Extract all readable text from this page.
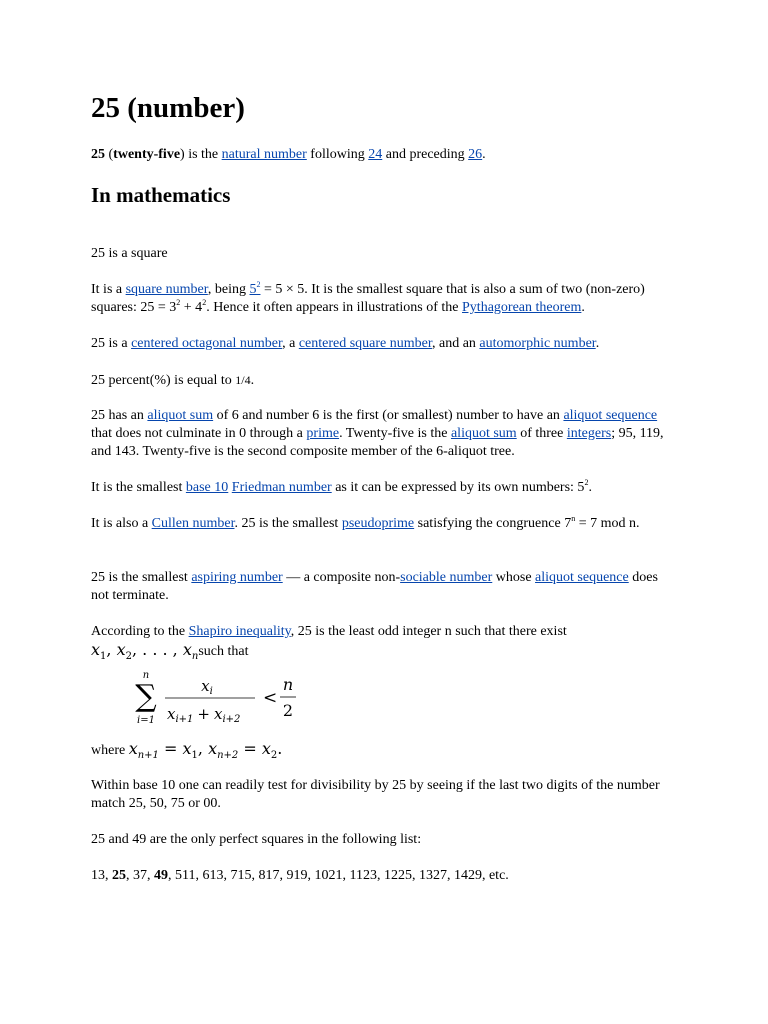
25 (number)

25 (twenty-five) is the natural number following 24 and preceding 26.

In mathematics

25 is a square

It is a square number, being 5$^2$ = 5 × 5. It is the smallest square that is also a sum of two (non-zero) squares: $25 = 3^2 + 4^2$. Hence it often appears in illustrations of the Pythagorean theorem.

25 is a centered octagonal number, a centered square number, and an automorphic number.

25 percent(%) is equal to 1/4.

25 has an aliquot sum of 6 and number 6 is the first (or smallest) number to have an aliquot sequence that does not culminate in 0 through a prime. Twenty-five is the aliquot sum of three integers; 95, 119, and 143. Twenty-five is the second composite member of the 6-aliquot tree.

It is the smallest base 10 Friedman number as it can be expressed by its own numbers: $5^2$.

It is also a Cullen number. 25 is the smallest pseudoprime satisfying the congruence $7^n = 7$ mod n.

25 is the smallest aspiring number — a composite non-sociable number whose aliquot sequence does not terminate.

According to the Shapiro inequality, 25 is the least odd integer n such that there exist
$x_1$, $x_2$, . . . , $x_nsuch$ that

n
∑
i=1
$x_i$
$x_{i+1} + x_{i+2}$
<
n
2

where $x_{n+1} = x_1$, $x_{n+2} = x_2$.

Within base 10 one can readily test for divisibility by 25 by seeing if the last two digits of the number match 25, 50, 75 or 00.

25 and 49 are the only perfect squares in the following list:

13, 25, 37, 49, 511, 613, 715, 817, 919, 1021, 1123, 1225, 1327, 1429, etc.
